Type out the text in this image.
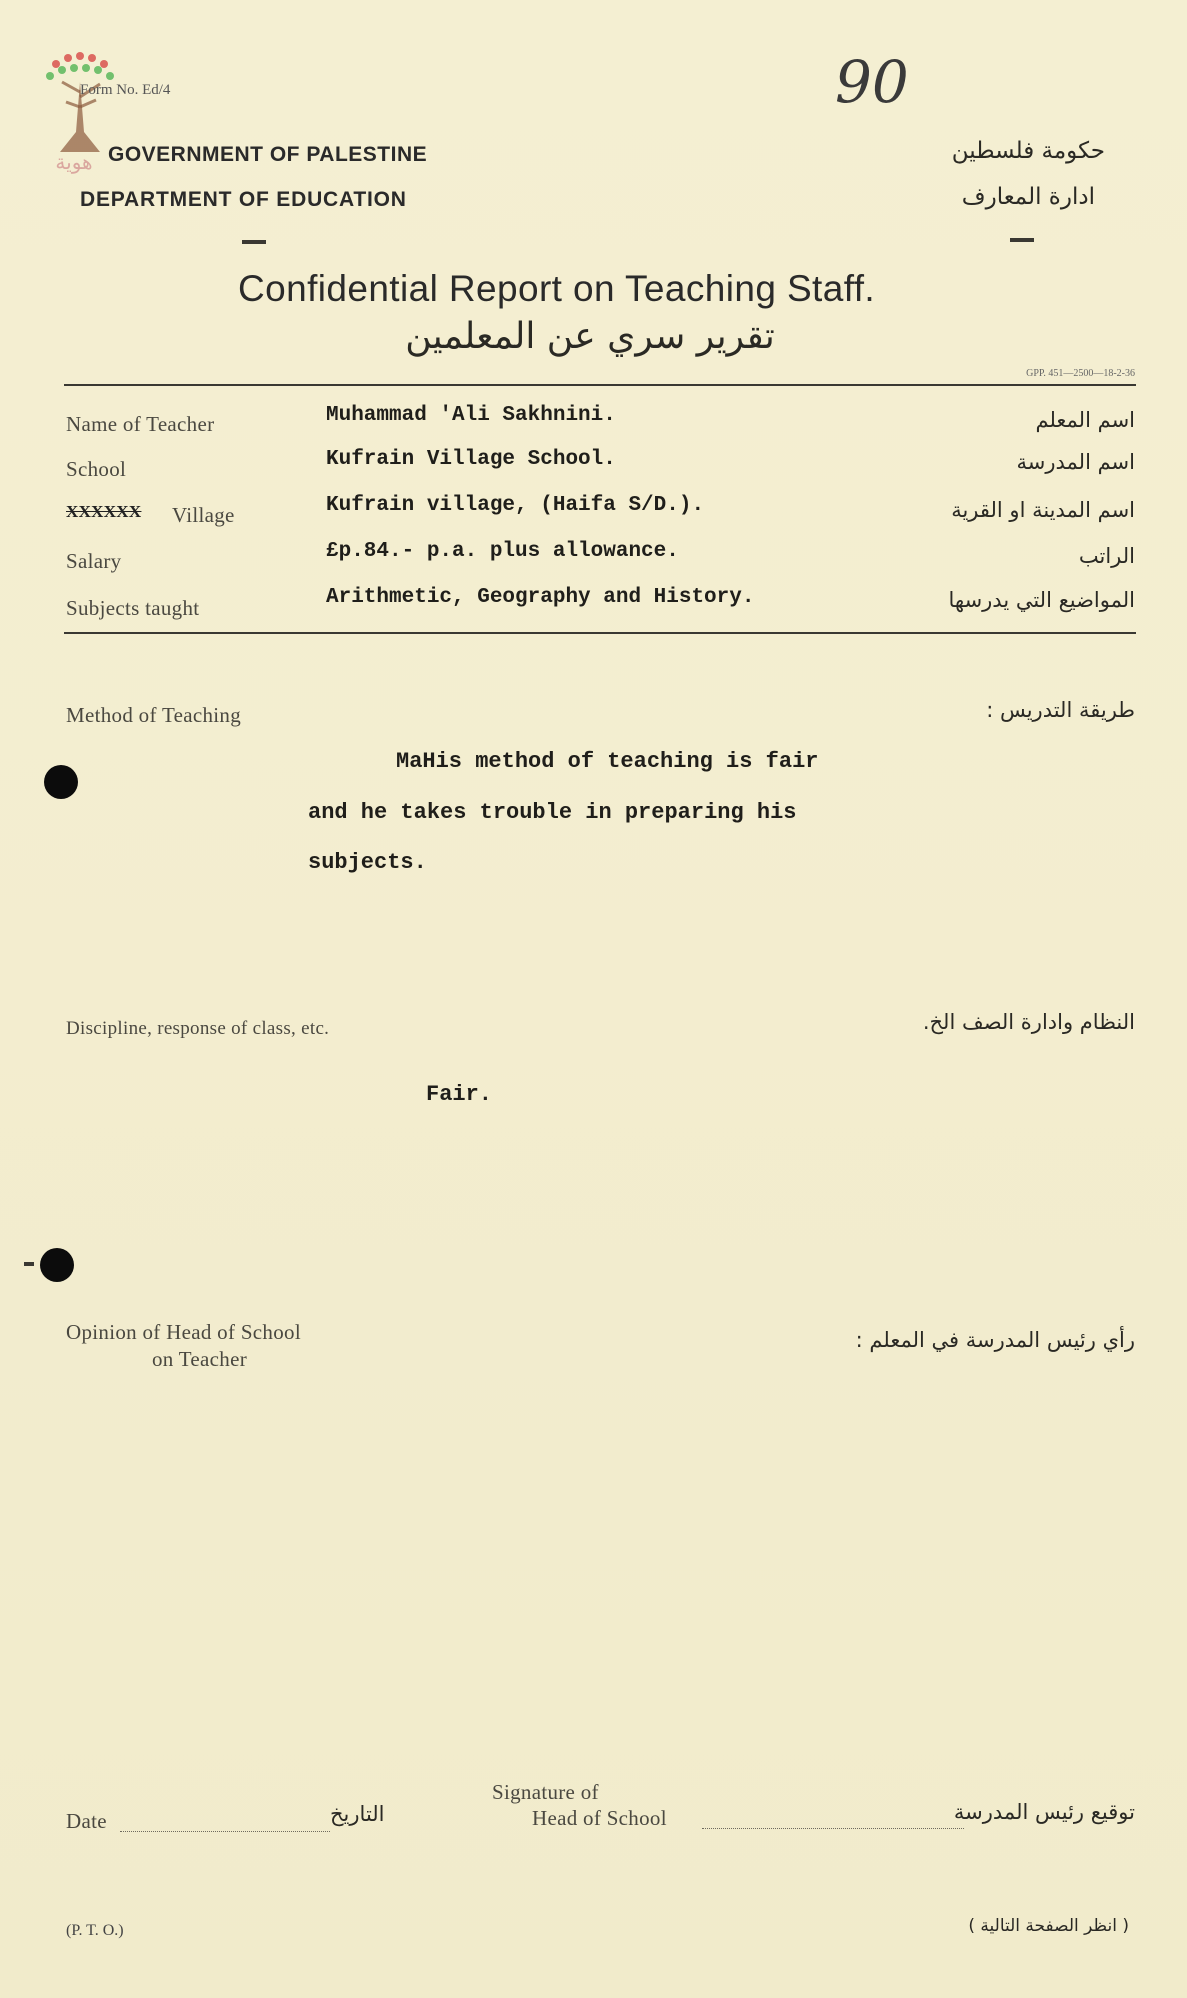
هوية
Form No. Ed/4	90
GOVERNMENT OF PALESTINE
DEPARTMENT OF EDUCATION
حكومة فلسطين
ادارة المعارف
Confidential Report on Teaching Staff.
تقرير سري عن المعلمين
GPP. 451—2500—18-2-36
Name of Teacher	Muhammad 'Ali Sakhnini.	اسم المعلم
School	Kufrain Village School.	اسم المدرسة
XXXXXX Village	Kufrain village, (Haifa S/D.).	اسم المدينة او القرية
Salary	£p.84.- p.a. plus allowance.	الراتب
Subjects taught	Arithmetic, Geography and History.	المواضيع التي يدرسها
Method of Teaching	طريقة التدريس :
MaHis method of teaching is fair
and he takes trouble in preparing his
subjects.
Discipline, response of class, etc.	النظام وادارة الصف الخ.
Fair.
Opinion of Head of School
on Teacher
رأي رئيس المدرسة في المعلم :
Date	التاريخ
Signature of
Head of School	توقيع رئيس المدرسة
(P. T. O.)	( انظر الصفحة التالية )
